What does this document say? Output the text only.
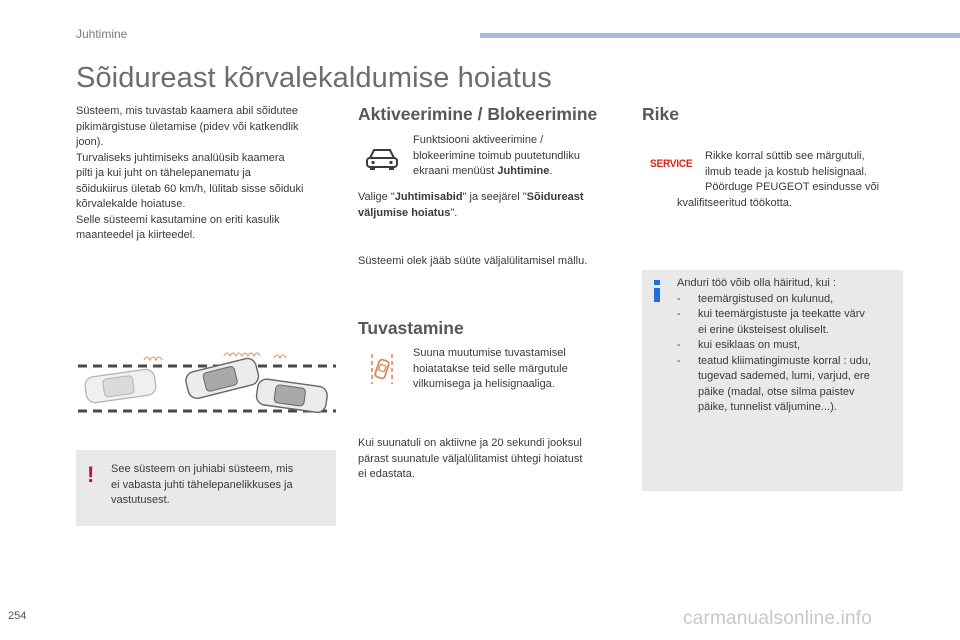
Juhtimine
Sõidureast kõrvalekaldumise hoiatus
Süsteem, mis tuvastab kaamera abil sõidutee
pikimärgistuse ületamise (pidev või katkendlik
joon).
Turvaliseks juhtimiseks analüüsib kaamera
pilti ja kui juht on tähelepanematu ja
sõidukiirus ületab 60 km/h, lülitab sisse sõiduki
kõrvalekalde hoiatuse.
Selle süsteemi kasutamine on eriti kasulik
maanteedel ja kiirteedel.
! See süsteem on juhiabi süsteem, mis
ei vabasta juhti tähelepanelikkuses ja
vastutusest.
Aktiveerimine / Blokeerimine
Funktsiooni aktiveerimine /
blokeerimine toimub puutetundliku
ekraani menüüst Juhtimine.
Valige "Juhtimisabid" ja seejärel "Sõidureast
väljumise hoiatus".
Süsteemi olek jääb süüte väljalülitamisel mällu.
Tuvastamine
Suuna muutumise tuvastamisel
hoiatatakse teid selle märgutule
vilkumisega ja helisignaaliga.
Kui suunatuli on aktiivne ja 20 sekundi jooksul
pärast suunatule väljalülitamist ühtegi hoiatust
ei edastata.
Rike
SERVICE
Rikke korral süttib see märgutuli,
ilmub teade ja kostub helisignaal.
Pöörduge PEUGEOT esindusse või
kvalifitseeritud töökotta.
Anduri töö võib olla häiritud, kui :
- teemärgistused on kulunud,
- kui teemärgistuste ja teekatte värv
ei erine üksteisest oluliselt.
- kui esiklaas on must,
- teatud kliimatingimuste korral : udu,
tugevad sademed, lumi, varjud, ere
päike (madal, otse silma paistev
päike, tunnelist väljumine...).
254	carmanualsonline.info
